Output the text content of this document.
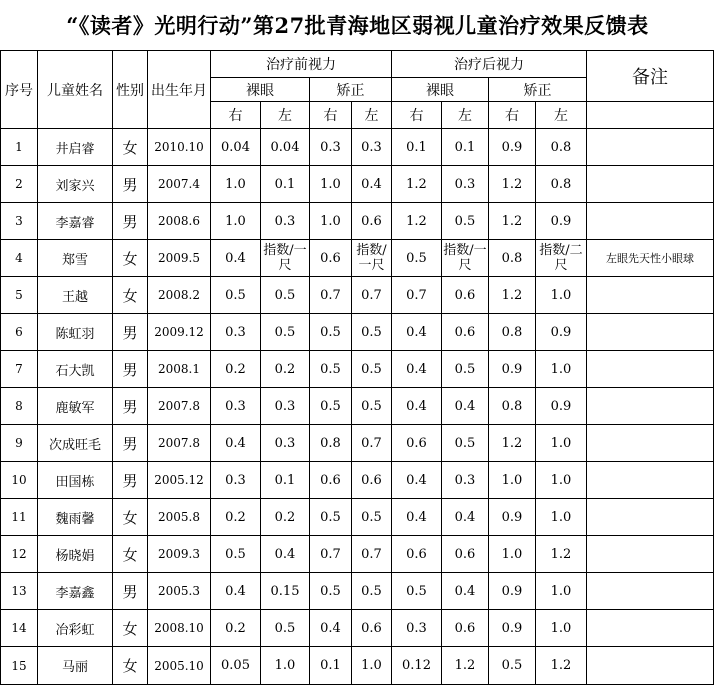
“《读者》光明行动”第27批青海地区弱视儿童治疗效果反馈表
序号	儿童姓名	性别	出生年月	治疗前视力				治疗后视力				备注
				裸眼		矫正		裸眼		矫正		
				右	左	右	左	右	左	右	左	
1	井启睿	女	2010.10	0.04	0.04	0.3	0.3	0.1	0.1	0.9	0.8	
2	刘家兴	男	2007.4	1.0	0.1	1.0	0.4	1.2	0.3	1.2	0.8	
3	李嘉睿	男	2008.6	1.0	0.3	1.0	0.6	1.2	0.5	1.2	0.9	
4	郑雪	女	2009.5	0.4	指数/一尺	0.6	指数/一尺	0.5	指数/一尺	0.8	指数/二尺	左眼先天性小眼球
5	王越	女	2008.2	0.5	0.5	0.7	0.7	0.7	0.6	1.2	1.0	
6	陈虹羽	男	2009.12	0.3	0.5	0.5	0.5	0.4	0.6	0.8	0.9	
7	石大凯	男	2008.1	0.2	0.2	0.5	0.5	0.4	0.5	0.9	1.0	
8	鹿敏军	男	2007.8	0.3	0.3	0.5	0.5	0.4	0.4	0.8	0.9	
9	次成旺毛	男	2007.8	0.4	0.3	0.8	0.7	0.6	0.5	1.2	1.0	
10	田国栋	男	2005.12	0.3	0.1	0.6	0.6	0.4	0.3	1.0	1.0	
11	魏雨馨	女	2005.8	0.2	0.2	0.5	0.5	0.4	0.4	0.9	1.0	
12	杨晓娟	女	2009.3	0.5	0.4	0.7	0.7	0.6	0.6	1.0	1.2	
13	李嘉鑫	男	2005.3	0.4	0.15	0.5	0.5	0.5	0.4	0.9	1.0	
14	冶彩虹	女	2008.10	0.2	0.5	0.4	0.6	0.3	0.6	0.9	1.0	
15	马丽	女	2005.10	0.05	1.0	0.1	1.0	0.12	1.2	0.5	1.2	
